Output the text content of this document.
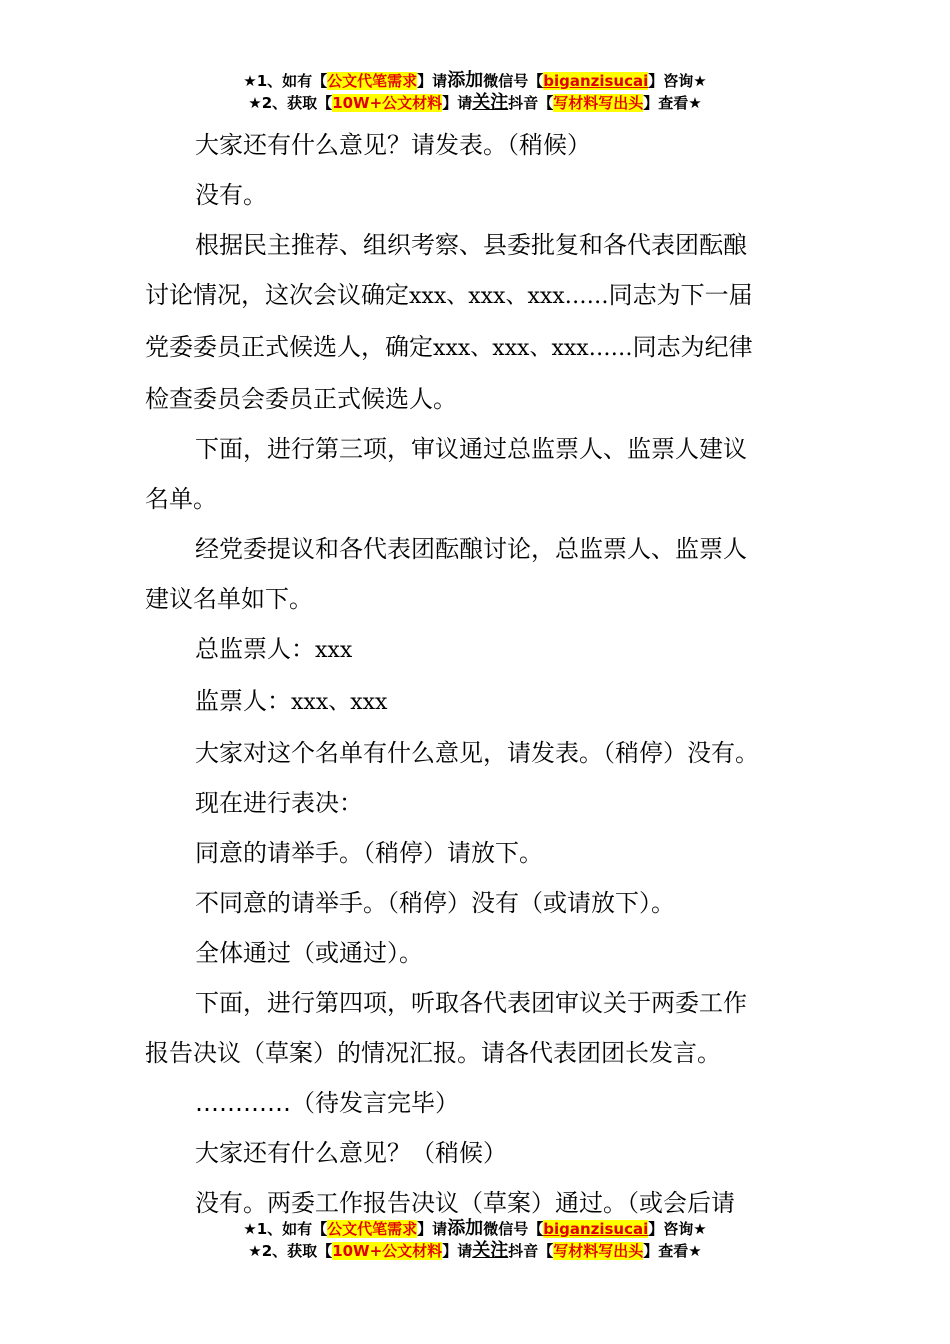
★1、如有【公文代笔需求】请添加微信号【biganzisucai】咨询★
★2、获取【10W+公文材料】请关注抖音【写材料写出头】查看★

大家还有什么意见？请发表。（稍候）

没有。

根据民主推荐、组织考察、县委批复和各代表团酝酿

讨论情况，这次会议确定xxx、xxx、xxx……同志为下一届

党委委员正式候选人，确定xxx、xxx、xxx……同志为纪律

检查委员会委员正式候选人。

下面，进行第三项，审议通过总监票人、监票人建议

名单。

经党委提议和各代表团酝酿讨论，总监票人、监票人

建议名单如下。

总监票人：xxx

监票人：xxx、xxx

大家对这个名单有什么意见，请发表。（稍停）没有。

现在进行表决：

同意的请举手。（稍停）请放下。

不同意的请举手。（稍停）没有（或请放下）。

全体通过（或通过）。

下面，进行第四项，听取各代表团审议关于两委工作

报告决议（草案）的情况汇报。请各代表团团长发言。

…………（待发言完毕）

大家还有什么意见？（稍候）

没有。两委工作报告决议（草案）通过。（或会后请

★1、如有【公文代笔需求】请添加微信号【biganzisucai】咨询★
★2、获取【10W+公文材料】请关注抖音【写材料写出头】查看★
